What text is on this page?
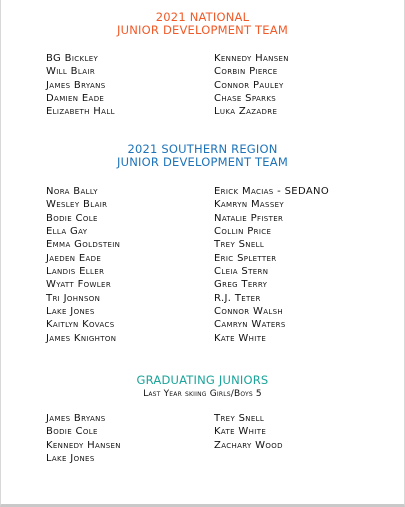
2021 NATIONAL
JUNIOR DEVELOPMENT TEAM
BG Bickley
Will Blair
James Bryans
Damien Eade
Elizabeth Hall
Kennedy Hansen
Corbin Pierce
Connor Pauley
Chase Sparks
Luka Zazadre
2021 SOUTHERN REGION
JUNIOR DEVELOPMENT TEAM
Nora Bally
Wesley Blair
Bodie Cole
Ella Gay
Emma Goldstein
Jaeden Eade
Landis Eller
Wyatt Fowler
Tri Johnson
Lake Jones
Kaitlyn Kovacs
James Knighton
Erick Macias - SEDANO
Kamryn Massey
Natalie Pfister
Collin Price
Trey Snell
Eric Spletter
Cleia Stern
Greg Terry
R.J. Teter
Connor Walsh
Camryn Waters
Kate White
GRADUATING JUNIORS
Last Year skiing Girls/Boys 5
James Bryans
Bodie Cole
Kennedy Hansen
Lake Jones
Trey Snell
Kate White
Zachary Wood
